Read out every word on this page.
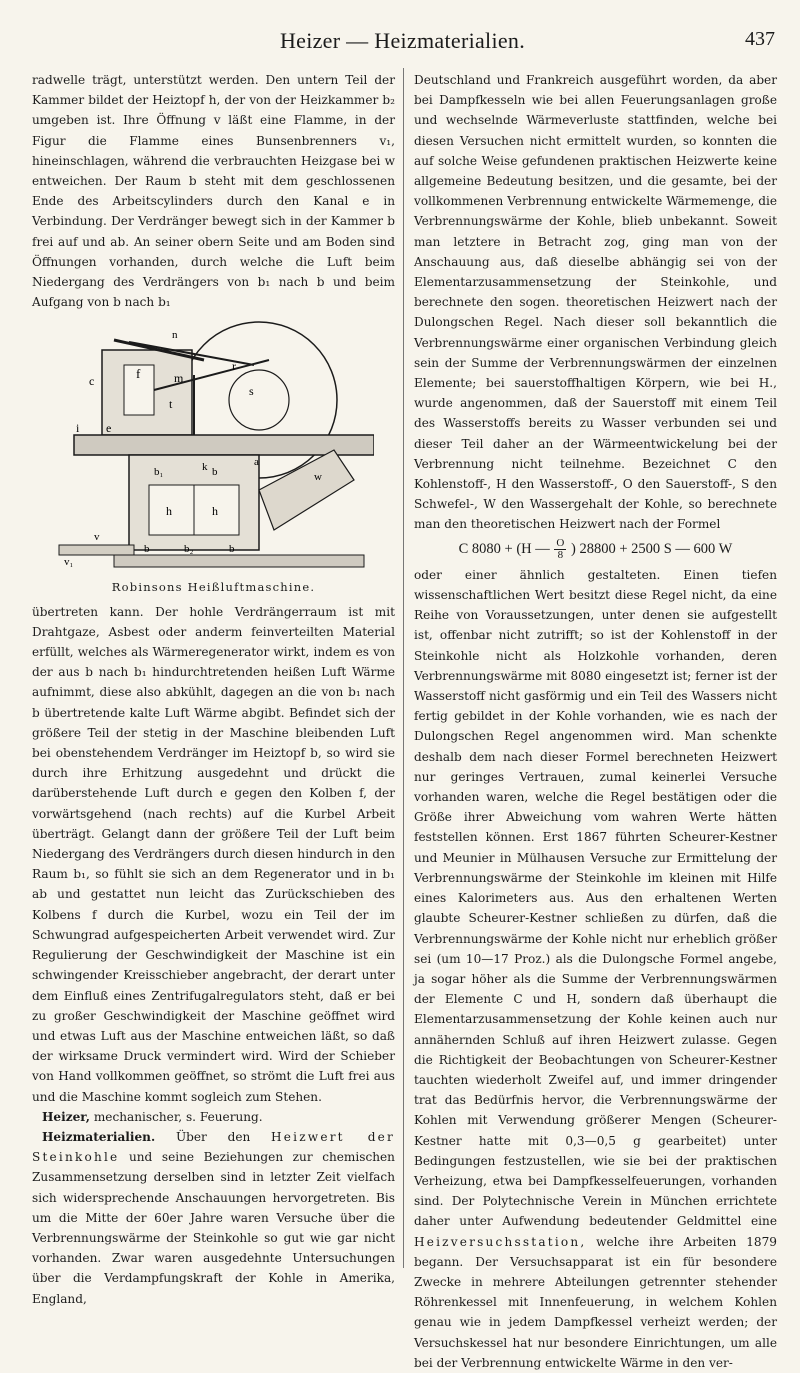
Heizer — Heizmaterialien.	437

radwelle trägt, unterstützt werden. Den untern Teil der Kammer bildet der Heiztopf h, der von der Heizkammer b₂ umgeben ist. Ihre Öffnung v läßt eine Flamme, in der Figur die Flamme eines Bunsenbrenners v₁, hineinschlagen, während die verbrauchten Heizgase bei w entweichen. Der Raum b steht mit dem geschlossenen Ende des Arbeitscylinders durch den Kanal e in Verbindung. Der Verdränger bewegt sich in der Kammer b frei auf und ab. An seiner obern Seite und am Boden sind Öffnungen vorhanden, durch welche die Luft beim Niedergang des Verdrängers von b₁ nach b und beim Aufgang von b nach b₁

n
f	m
r
c
t
s
i e
k
b₁	b
a
h	h
w
v
v₁
b	b₂	b
Robinsons Heißluftmaschine.

übertreten kann. Der hohle Verdrängerraum ist mit Drahtgaze, Asbest oder anderm feinverteilten Material erfüllt, welches als Wärmeregenerator wirkt, indem es von der aus b nach b₁ hindurchtretenden heißen Luft Wärme aufnimmt, diese also abkühlt, dagegen an die von b₁ nach b übertretende kalte Luft Wärme abgibt. Befindet sich der größere Teil der stetig in der Maschine bleibenden Luft bei obenstehendem Verdränger im Heiztopf b, so wird sie durch ihre Erhitzung ausgedehnt und drückt die darüberstehende Luft durch e gegen den Kolben f, der vorwärtsgehend (nach rechts) auf die Kurbel Arbeit überträgt. Gelangt dann der größere Teil der Luft beim Niedergang des Verdrängers durch diesen hindurch in den Raum b₁, so fühlt sie sich an dem Regenerator und in b₁ ab und gestattet nun leicht das Zurückschieben des Kolbens f durch die Kurbel, wozu ein Teil der im Schwungrad aufgespeicherten Arbeit verwendet wird. Zur Regulierung der Geschwindigkeit der Maschine ist ein schwingender Kreisschieber angebracht, der derart unter dem Einfluß eines Zentrifugalregulators steht, daß er bei zu großer Geschwindigkeit der Maschine geöffnet wird und etwas Luft aus der Maschine entweichen läßt, so daß der wirksame Druck vermindert wird. Wird der Schieber von Hand vollkommen geöffnet, so strömt die Luft frei aus und die Maschine kommt sogleich zum Stehen.

Heizer, mechanischer, s. Feuerung.

Heizmaterialien. Über den Heizwert der Steinkohle und seine Beziehungen zur chemischen Zusammensetzung derselben sind in letzter Zeit vielfach sich widersprechende Anschauungen hervorgetreten. Bis um die Mitte der 60er Jahre waren Versuche über die Verbrennungswärme der Steinkohle so gut wie gar nicht vorhanden. Zwar waren ausgedehnte Untersuchungen über die Verdampfungskraft der Kohle in Amerika, England,

Deutschland und Frankreich ausgeführt worden, da aber bei Dampfkesseln wie bei allen Feuerungsanlagen große und wechselnde Wärmeverluste stattfinden, welche bei diesen Versuchen nicht ermittelt wurden, so konnten die auf solche Weise gefundenen praktischen Heizwerte keine allgemeine Bedeutung besitzen, und die gesamte, bei der vollkommenen Verbrennung entwickelte Wärmemenge, die Verbrennungswärme der Kohle, blieb unbekannt. Soweit man letztere in Betracht zog, ging man von der Anschauung aus, daß dieselbe abhängig sei von der Elementarzusammensetzung der Steinkohle, und berechnete den sogen. theoretischen Heizwert nach der Dulongschen Regel. Nach dieser soll bekanntlich die Verbrennungswärme einer organischen Verbindung gleich sein der Summe der Verbrennungswärmen der einzelnen Elemente; bei sauerstoffhaltigen Körpern, wie bei H., wurde angenommen, daß der Sauerstoff mit einem Teil des Wasserstoffs bereits zu Wasser verbunden sei und dieser Teil daher an der Wärmeentwickelung bei der Verbrennung nicht teilnehme. Bezeichnet C den Kohlenstoff-, H den Wasserstoff-, O den Sauerstoff-, S den Schwefel-, W den Wassergehalt der Kohle, so berechnete man den theoretischen Heizwert nach der Formel

C 8080 + (H — $\frac{O}{8}$ ) 28800 + 2500 S — 600 W

oder einer ähnlich gestalteten. Einen tiefen wissenschaftlichen Wert besitzt diese Regel nicht, da eine Reihe von Voraussetzungen, unter denen sie aufgestellt ist, offenbar nicht zutrifft; so ist der Kohlenstoff in der Steinkohle nicht als Holzkohle vorhanden, deren Verbrennungswärme mit 8080 eingesetzt ist; ferner ist der Wasserstoff nicht gasförmig und ein Teil des Wassers nicht fertig gebildet in der Kohle vorhanden, wie es nach der Dulongschen Regel angenommen wird. Man schenkte deshalb dem nach dieser Formel berechneten Heizwert nur geringes Vertrauen, zumal keinerlei Versuche vorhanden waren, welche die Regel bestätigen oder die Größe ihrer Abweichung vom wahren Werte hätten feststellen können. Erst 1867 führten Scheurer-Kestner und Meunier in Mülhausen Versuche zur Ermittelung der Verbrennungswärme der Steinkohle im kleinen mit Hilfe eines Kalorimeters aus. Aus den erhaltenen Werten glaubte Scheurer-Kestner schließen zu dürfen, daß die Verbrennungswärme der Kohle nicht nur erheblich größer sei (um 10—17 Proz.) als die Dulongsche Formel angebe, ja sogar höher als die Summe der Verbrennungswärmen der Elemente C und H, sondern daß überhaupt die Elementarzusammensetzung der Kohle keinen auch nur annähernden Schluß auf ihren Heizwert zulasse. Gegen die Richtigkeit der Beobachtungen von Scheurer-Kestner tauchten wiederholt Zweifel auf, und immer dringender trat das Bedürfnis hervor, die Verbrennungswärme der Kohlen mit Verwendung größerer Mengen (Scheurer-Kestner hatte mit 0,3—0,5 g gearbeitet) unter Bedingungen festzustellen, wie sie bei der praktischen Verheizung, etwa bei Dampfkesselfeuerungen, vorhanden sind. Der Polytechnische Verein in München errichtete daher unter Aufwendung bedeutender Geldmittel eine Heizversuchsstation, welche ihre Arbeiten 1879 begann. Der Versuchsapparat ist ein für besondere Zwecke in mehrere Abteilungen getrennter stehender Röhrenkessel mit Innenfeuerung, in welchem Kohlen genau wie in jedem Dampfkessel verheizt werden; der Versuchskessel hat nur besondere Einrichtungen, um alle bei der Verbrennung entwickelte Wärme in den ver-
